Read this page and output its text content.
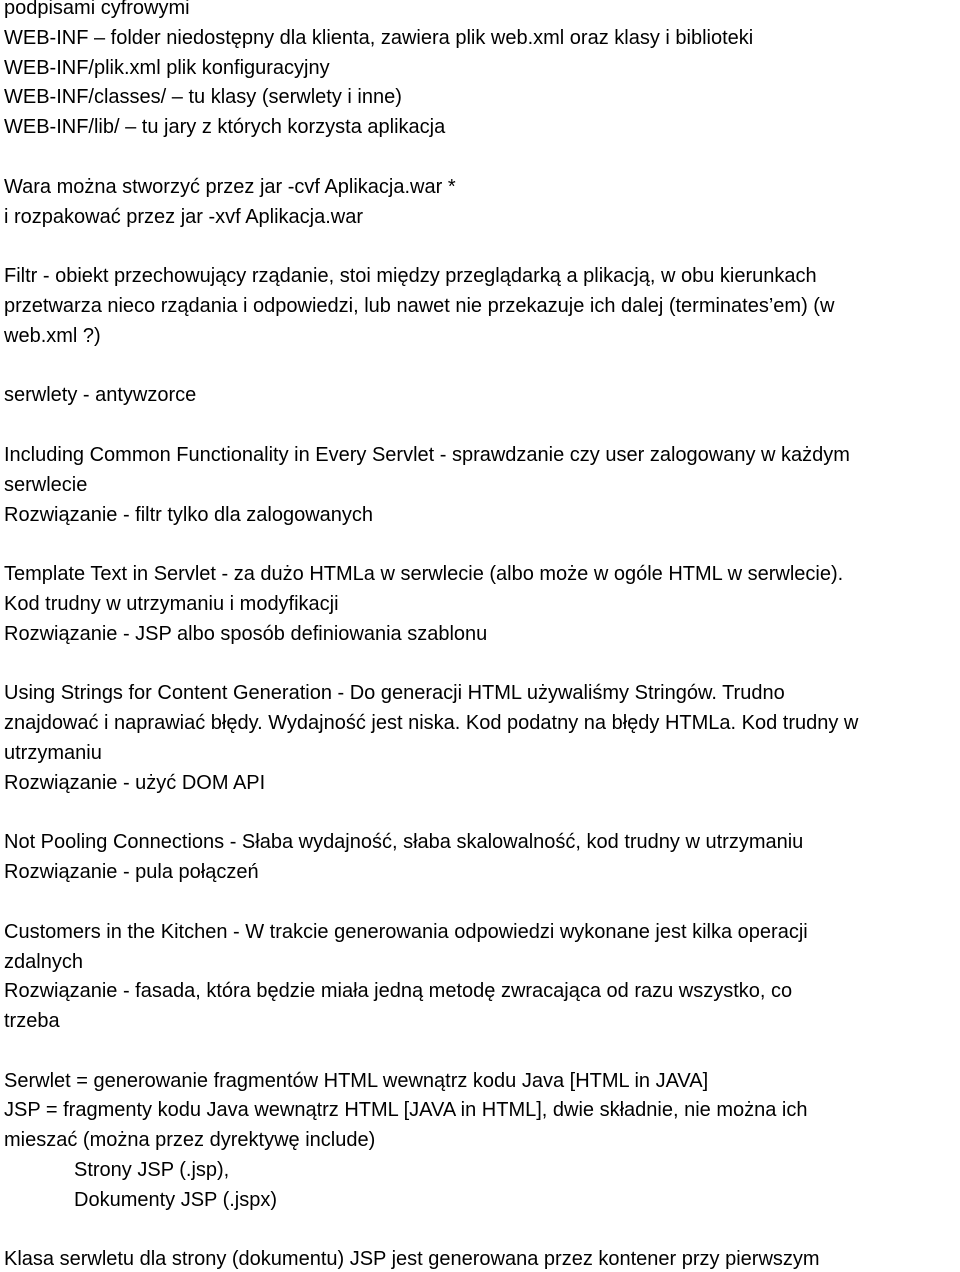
podpisami cyfrowymi
WEB-INF – folder niedostępny dla klienta, zawiera plik web.xml oraz klasy i biblioteki
WEB-INF/plik.xml plik konfiguracyjny
WEB-INF/classes/ – tu klasy (serwlety i inne)
WEB-INF/lib/ – tu jary z których korzysta aplikacja
Wara można stworzyć przez jar -cvf Aplikacja.war *
i rozpakować przez jar -xvf Aplikacja.war
Filtr - obiekt przechowujący rządanie, stoi między przeglądarką a plikacją, w obu kierunkach
przetwarza nieco rządania i odpowiedzi, lub nawet nie przekazuje ich dalej (terminates’em) (w
web.xml ?)
serwlety - antywzorce
Including Common Functionality in Every Servlet - sprawdzanie czy user zalogowany w każdym
serwlecie
Rozwiązanie - filtr tylko dla zalogowanych
Template Text in Servlet - za dużo HTMLa w serwlecie (albo może w ogóle HTML w serwlecie).
Kod trudny w utrzymaniu i modyfikacji
Rozwiązanie - JSP albo sposób definiowania szablonu
Using Strings for Content Generation - Do generacji HTML używaliśmy Stringów. Trudno
znajdować i naprawiać błędy. Wydajność jest niska. Kod podatny na błędy HTMLa. Kod trudny w
utrzymaniu
Rozwiązanie - użyć DOM API
Not Pooling Connections - Słaba wydajność, słaba skalowalność, kod trudny w utrzymaniu
Rozwiązanie - pula połączeń
Customers in the Kitchen - W trakcie generowania odpowiedzi wykonane jest kilka operacji
zdalnych
Rozwiązanie - fasada, która będzie miała jedną metodę zwracająca od razu wszystko, co
trzeba
Serwlet = generowanie fragmentów HTML wewnątrz kodu Java [HTML in JAVA]
JSP = fragmenty kodu Java wewnątrz HTML [JAVA in HTML], dwie składnie, nie można ich
mieszać (można przez dyrektywę include)
Strony JSP (.jsp),
Dokumenty JSP (.jspx)
Klasa serwletu dla strony (dokumentu) JSP jest generowana przez kontener przy pierwszym
